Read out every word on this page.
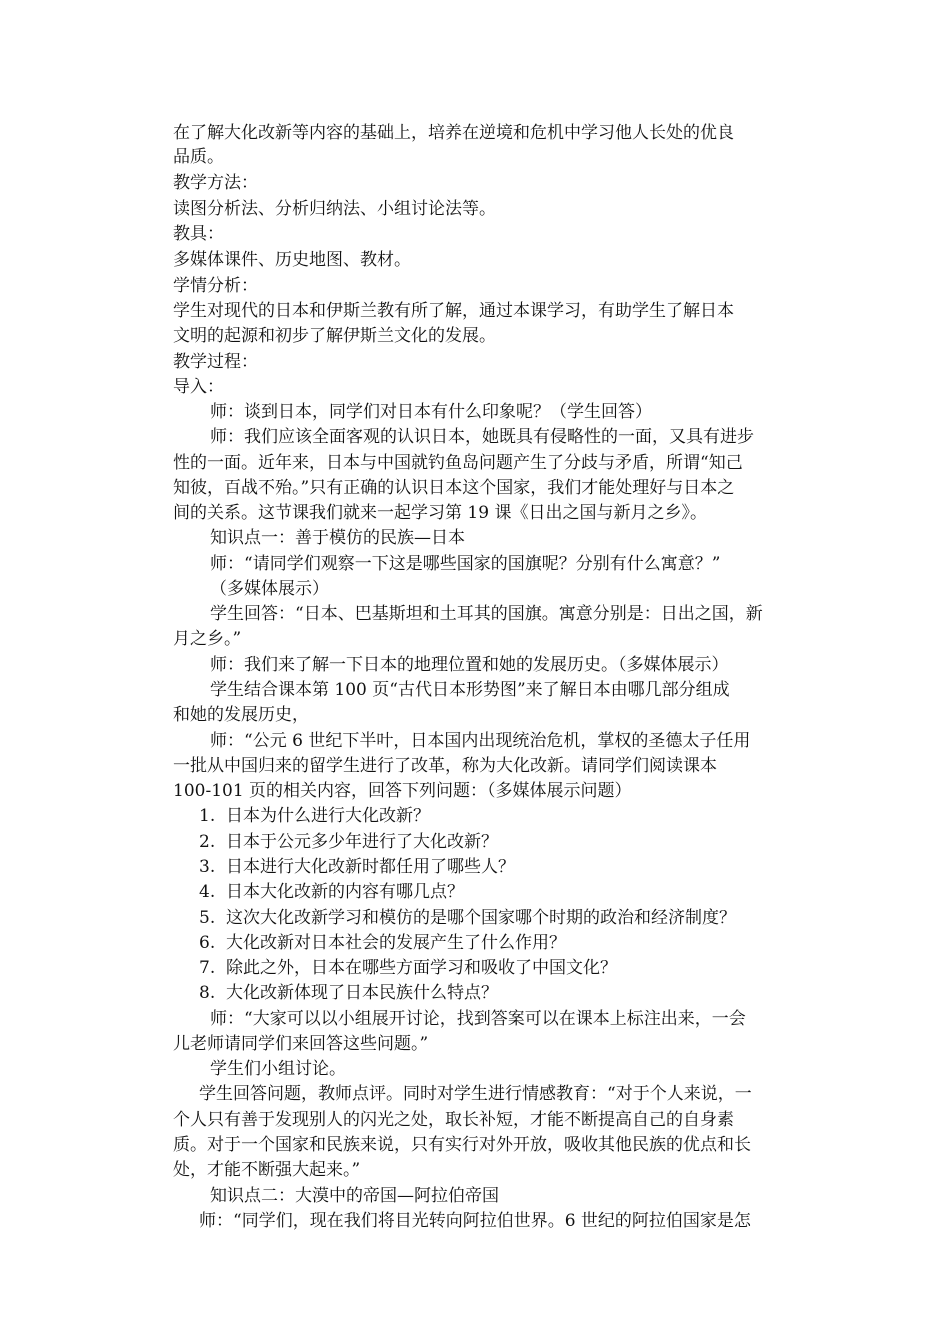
在了解大化改新等内容的基础上，培养在逆境和危机中学习他人长处的优良
品质。
教学方法：
读图分析法、分析归纳法、小组讨论法等。
教具：
多媒体课件、历史地图、教材。
学情分析：
学生对现代的日本和伊斯兰教有所了解，通过本课学习，有助学生了解日本
文明的起源和初步了解伊斯兰文化的发展。
教学过程：
导入：
师：谈到日本，同学们对日本有什么印象呢？（学生回答）
师：我们应该全面客观的认识日本，她既具有侵略性的一面，又具有进步
性的一面。近年来，日本与中国就钓鱼岛问题产生了分歧与矛盾，所谓“知己
知彼，百战不殆。”只有正确的认识日本这个国家，我们才能处理好与日本之
间的关系。这节课我们就来一起学习第 19 课《日出之国与新月之乡》。
知识点一：善于模仿的民族—日本
师：“请同学们观察一下这是哪些国家的国旗呢？分别有什么寓意？”
（多媒体展示）
学生回答：“日本、巴基斯坦和土耳其的国旗。寓意分别是：日出之国，新
月之乡。”
师：我们来了解一下日本的地理位置和她的发展历史。（多媒体展示）
学生结合课本第 100 页“古代日本形势图”来了解日本由哪几部分组成
和她的发展历史，
师：“公元 6 世纪下半叶，日本国内出现统治危机，掌权的圣德太子任用
一批从中国归来的留学生进行了改革，称为大化改新。请同学们阅读课本
100-101 页的相关内容，回答下列问题：（多媒体展示问题）
1. 日本为什么进行大化改新？
2. 日本于公元多少年进行了大化改新？
3. 日本进行大化改新时都任用了哪些人？
4. 日本大化改新的内容有哪几点？
5. 这次大化改新学习和模仿的是哪个国家哪个时期的政治和经济制度？
6. 大化改新对日本社会的发展产生了什么作用？
7. 除此之外，日本在哪些方面学习和吸收了中国文化？
8. 大化改新体现了日本民族什么特点？
师：“大家可以以小组展开讨论，找到答案可以在课本上标注出来，一会
儿老师请同学们来回答这些问题。”
学生们小组讨论。
学生回答问题，教师点评。同时对学生进行情感教育：“对于个人来说，一
个人只有善于发现别人的闪光之处，取长补短，才能不断提高自己的自身素
质。对于一个国家和民族来说，只有实行对外开放，吸收其他民族的优点和长
处，才能不断强大起来。”
知识点二：大漠中的帝国—阿拉伯帝国
师：“同学们，现在我们将目光转向阿拉伯世界。6 世纪的阿拉伯国家是怎
